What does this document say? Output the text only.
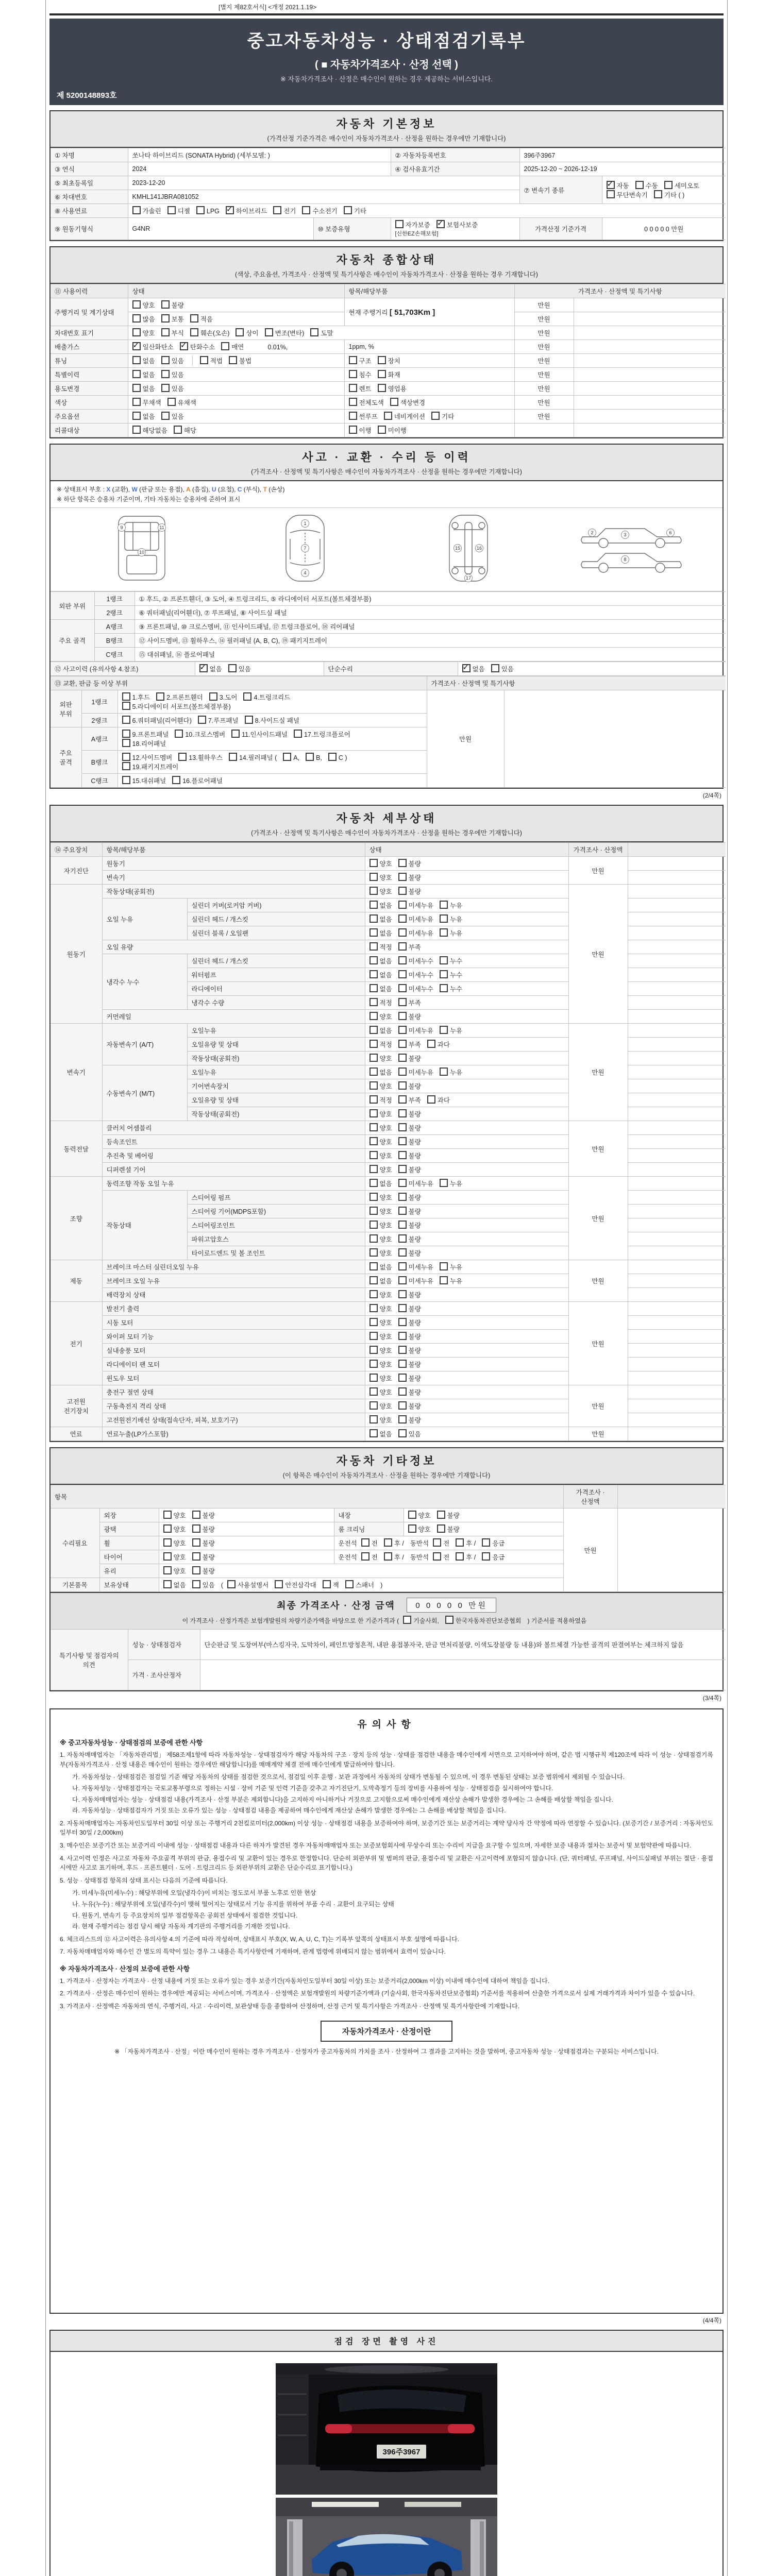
[별지 제82호서식] <개정 2021.1.19>
중고자동차성능 · 상태점검기록부
( ■ 자동차가격조사 · 산정 선택 )
※ 자동차가격조사 · 산정은 매수인이 원하는 경우 제공하는 서비스입니다.
제 5200148893호
자동차 기본정보
(가격산정 기준가격은 매수인이 자동차가격조사 · 산정을 원하는 경우에만 기재합니다)
① 차명	쏘나타 하이브리드 (SONATA Hybrid) (세부모델: )		② 자동차등록번호	396주3967	
③ 연식	2024		④ 검사유효기간	2025-12-20 ~ 2026-12-19	
⑤ 최초등록일	2023-12-20			⑦ 변속기 종류	
✓자동 수동 세미오토
무단변속기 기타 ( )

⑥ 차대번호	KMHL141JBRA081052				
⑧ 사용연료	가솔린 디젤 LPG ✓ 하이브리드 전기 수소전기 기타
⑨ 원동기형식	G4NR	⑩ 보증유형	자가보증 ✓ 보험사보증[신한EZ손해보험]	가격산정 기준가격	0 0 0 0 0 만원
자동차 종합상태
(색상, 주요옵션, 가격조사 · 산정액 및 특기사항은 매수인이 자동차가격조사 · 산정을 원하는 경우 기재합니다)
⑪ 사용이력	상태	항목/해당부품	가격조사 · 산정액 및 특기사항	
주행거리 및 계기상태	양호 불량	현재 주행거리 [ 51,703Km ]	만원	
	많음 보통 적음		만원	
차대번호 표기	양호 부식 훼손(오손) 상이 변조(변타) 도말		만원	
배출가스	✓일산화탄소 ✓ 탄화수소 매연 0.01%,	1ppm, %	만원	
튜닝	없음 있음 적법 불법	구조 장치	만원	
특별이력	없음 있음	침수 화재	만원	
용도변경	없음 있음	렌트 영업용	만원	
색상	무채색 유채색	전체도색 색상변경	만원	
주요옵션	없음 있음	썬루프 네비게이션 기타	만원	
리콜대상	해당없음 해당	이행 미이행		
사고 · 교환 · 수리 등 이력
(가격조사 · 산정액 및 특기사항은 매수인이 자동차가격조사 · 산정을 원하는 경우에만 기재합니다)
※ 상태표시 부호 : X (교환), W (판금 또는 용접), A (흠집), U (요철), C (부식), T (손상)
※ 하단 항목은 승용차 기준이며, 기타 자동차는 승용차에 준하여 표시
9
10
11
1
7
4
15	16
17
2	3	6
8
외판 부위	1랭크	① 후드, ② 프론트휀더, ③ 도어, ④ 트렁크리드, ⑤ 라디에이터 서포트(볼트체결부품)
	2랭크	⑥ 쿼터패널(리어휀더), ⑦ 루프패널, ⑧ 사이드실 패널
주요 골격	A랭크	⑨ 프론트패널, ⑩ 크로스멤버, ⑪ 인사이드패널, ⑰ 트렁크플로어, ⑱ 리어패널
	B랭크	⑫ 사이드멤버, ⑬ 휠하우스, ⑭ 필러패널 (A, B, C), ⑲ 패키지트레이
	C랭크	⑮ 대쉬패널, ⑯ 플로어패널
⑫ 사고이력 (유의사항 4.참조)	✓없음	있음	단순수리	✓없음	있음
⑬ 교환, 판금 등 이상 부위			가격조사 · 산정액 및 특기사항	
외판 부위	1랭크	1.후드 2.프론트휀더 3.도어 4.트렁크리드
5.라디에이터 서포트(볼트체결부품)	만원	
	2랭크	6.쿼터패널(리어휀다) 7.루프패널 8.사이드실 패널		

주요 골격	A랭크	9.프론트패널 10.크로스멤버 11.인사이드패널 17.트렁크플로어
18.리어패널		

	B랭크	12.사이드멤버 13.휠하우스 14.필러패널 ( A, B, C )
19.패키지트레이		

	C랭크	15.대쉬패널 16.플로어패널		
(2/4쪽)
자동차 세부상태
(가격조사 · 산정액 및 특기사항은 매수인이 자동차가격조사 · 산정을 원하는 경우에만 기재합니다)
⑭ 주요장치	항목/해당부품		상태	가격조사 · 산정액	
자기진단	원동기		양호 불량	만원	
	변속기		양호 불량		
원동기	작동상태(공회전)		양호 불량	만원	
	오일 누유	실린더 커버(로커암 커버)	없음 미세누유 누유		
		실린더 헤드 / 개스킷	없음 미세누유 누유		
		실린더 블록 / 오일팬	없음 미세누유 누유		
	오일 유량		적정 부족		
	냉각수 누수	실린더 헤드 / 개스킷	없음 미세누수 누수		
		워터펌프	없음 미세누수 누수		
		라디에이터	없음 미세누수 누수		
		냉각수 수량	적정 부족		
	커먼레일		양호 불량		
변속기	자동변속기 (A/T)	오일누유	없음 미세누유 누유	만원	
		오일유량 및 상태	적정 부족 과다		
		작동상태(공회전)	양호 불량		
	수동변속기 (M/T)	오일누유	없음 미세누유 누유		
		기어변속장치	양호 불량		
		오일유량 및 상태	적정 부족 과다		
		작동상태(공회전)	양호 불량		
동력전달	클러치 어셈블리		양호 불량	만원	
	등속조인트		양호 불량		
	추진축 및 베어링		양호 불량		
	디퍼렌셜 기어		양호 불량		
조향	동력조향 작동 오일 누유		없음 미세누유 누유	만원	
	작동상태	스티어링 펌프	양호 불량		
		스티어링 기어(MDPS포함)	양호 불량		
		스티어링조인트	양호 불량		
		파워고압호스	양호 불량		
		타이로드엔드 및 볼 조인트	양호 불량		
제동	브레이크 마스터 실린더오일 누유		없음 미세누유 누유	만원	
	브레이크 오일 누유		없음 미세누유 누유		
	배력장치 상태		양호 불량		
전기	발전기 출력		양호 불량	만원	
	시동 모터		양호 불량		
	와이퍼 모터 기능		양호 불량		
	실내송풍 모터		양호 불량		
	라디에이터 팬 모터		양호 불량		
	윈도우 모터		양호 불량		
고전원 전기장치	충전구 절연 상태		양호 불량	만원	
	구동축전지 격리 상태		양호 불량		
	고전원전기배선 상태(접속단자, 피복, 보호기구)		양호 불량		
연료	연료누출(LP가스포함)		없음 있음	만원	
자동차 기타정보
(이 항목은 매수인이 자동차가격조사 · 산정을 원하는 경우에만 기재합니다)
항목					가격조사 · 산정액	
수리필요	외장	양호 불량	내장	양호 불량	만원	
	광택	양호 불량	룸 크리닝	양호 불량		
	휠	양호 불량	운전석 전 후 / 동반석 전 후 / 응급			
	타이어	양호 불량	운전석 전 후 / 동반석 전 후 / 응급			
	유리	양호 불량				
기본품목	보유상태	없음 있음 ( 사용설명서 안전삼각대 잭 스패너 )				
최종 가격조사 · 산정 금액	0 0 0 0 0 만원
이 가격조사 · 산정가격은 보험개발원의 차량기준가액을 바탕으로 한 기준가격과 ( 기술사회,	한국자동차진단보증협회 ) 기준서를 적용하였음
특기사항 및 점검자의 의견	성능 · 상태점검자	단순판금 및 도장여부(마스킹자국, 도막차이, 페인트방청흔적, 내판 용접봉자국, 판금 면처리불량, 이색도장불량 등 내용)와 볼트체결 가능한 골격의 판결여부는 체크하지 않음
	가격 · 조사산정자	
(3/4쪽)
유의사항
※ 중고자동차성능 · 상태점검의 보증에 관한 사항
1. 자동차매매업자는 「자동차관리법」 제58조제1항에 따라 자동차성능 · 상태점검자가 해당 자동차의 구조 · 장치 등의 성능 · 상태를 점검한 내용을 매수인에게 서면으로 고지하여야 하며, 같은 법 시행규칙 제120조에 따라 이 성능 · 상태점검기록부(자동차가격조사 · 산정 내용은 매수인이 원하는 경우에만 해당합니다)를 매매계약 체결 전에 매수인에게 발급하여야 합니다.
가. 자동차성능 · 상태점검은 점검일 기준 해당 자동차의 상태를 점검한 것으로서, 점검일 이후 운행 · 보관 과정에서 자동차의 상태가 변동될 수 있으며, 이 경우 변동된 상태는 보증 범위에서 제외될 수 있습니다.
나. 자동차성능 · 상태점검자는 국토교통부령으로 정하는 시설 · 장비 기준 및 인력 기준을 갖추고 자기진단기, 도막측정기 등의 장비를 사용하여 성능 · 상태점검을 실시하여야 합니다.
다. 자동차매매업자는 성능 · 상태점검 내용(가격조사 · 산정 부분은 제외합니다)을 고지하지 아니하거나 거짓으로 고지함으로써 매수인에게 재산상 손해가 발생한 경우에는 그 손해를 배상할 책임을 집니다.
라. 자동차성능 · 상태점검자가 거짓 또는 오류가 있는 성능 · 상태점검 내용을 제공하여 매수인에게 재산상 손해가 발생한 경우에는 그 손해를 배상할 책임을 집니다.
2. 자동차매매업자는 자동차인도일부터 30일 이상 또는 주행거리 2천킬로미터(2,000km) 이상 성능 · 상태점검 내용을 보증하여야 하며, 보증기간 또는 보증거리는 계약 당사자 간 약정에 따라 연장할 수 있습니다. (보증기간 / 보증거리 : 자동차인도일부터 30일 / 2,000km)
3. 매수인은 보증기간 또는 보증거리 이내에 성능 · 상태점검 내용과 다른 하자가 발견된 경우 자동차매매업자 또는 보증보험회사에 무상수리 또는 수리비 지급을 요구할 수 있으며, 자세한 보증 내용과 절차는 보증서 및 보험약관에 따릅니다.
4. 사고이력 인정은 사고로 자동차 주요골격 부위의 판금, 용접수리 및 교환이 있는 경우로 한정합니다. 단순히 외판부위 및 범퍼의 판금, 용접수리 및 교환은 사고이력에 포함되지 않습니다. (단, 쿼터패널, 루프패널, 사이드실패널 부위는 절단 · 용접 시에만 사고로 표기하며, 후드 · 프론트휀더 · 도어 · 트렁크리드 등 외판부위의 교환은 단순수리로 표기합니다.)
5. 성능 · 상태점검 항목의 상태 표시는 다음의 기준에 따릅니다.
가. 미세누유(미세누수) : 해당부위에 오일(냉각수)이 비치는 정도로서 부품 노후로 인한 현상
나. 누유(누수) : 해당부위에 오일(냉각수)이 맺혀 떨어지는 상태로서 기능 유지를 위하여 부품 수리 · 교환이 요구되는 상태
다. 원동기, 변속기 등 주요장치의 일부 점검항목은 공회전 상태에서 점검한 것입니다.
라. 현재 주행거리는 점검 당시 해당 자동차 계기판의 주행거리를 기재한 것입니다.
6. 체크리스트의 ⑫ 사고이력은 유의사항 4.의 기준에 따라 작성하며, 상태표시 부호(X, W, A, U, C, T)는 기록부 앞쪽의 상태표시 부호 설명에 따릅니다.
7. 자동차매매업자와 매수인 간 별도의 특약이 있는 경우 그 내용은 특기사항란에 기재하며, 관계 법령에 위배되지 않는 범위에서 효력이 있습니다.
※ 자동차가격조사 · 산정의 보증에 관한 사항
1. 가격조사 · 산정자는 가격조사 · 산정 내용에 거짓 또는 오류가 있는 경우 보증기간(자동차인도일부터 30일 이상) 또는 보증거리(2,000km 이상) 이내에 매수인에 대하여 책임을 집니다.
2. 가격조사 · 산정은 매수인이 원하는 경우에만 제공되는 서비스이며, 가격조사 · 산정액은 보험개발원의 차량기준가액과 (기술사회, 한국자동차진단보증협회) 기준서를 적용하여 산출한 가격으로서 실제 거래가격과 차이가 있을 수 있습니다.
3. 가격조사 · 산정액은 자동차의 연식, 주행거리, 사고 · 수리이력, 보관상태 등을 종합하여 산정하며, 산정 근거 및 특기사항은 가격조사 · 산정액 및 특기사항란에 기재합니다.
자동차가격조사 · 산정이란
※ 「자동차가격조사 · 산정」이란 매수인이 원하는 경우 가격조사 · 산정자가 중고자동차의 가치를 조사 · 산정하여 그 결과를 고지하는 것을 말하며, 중고자동차 성능 · 상태점검과는 구분되는 서비스입니다.
(4/4쪽)
점검 장면 촬영 사진
396주3967
